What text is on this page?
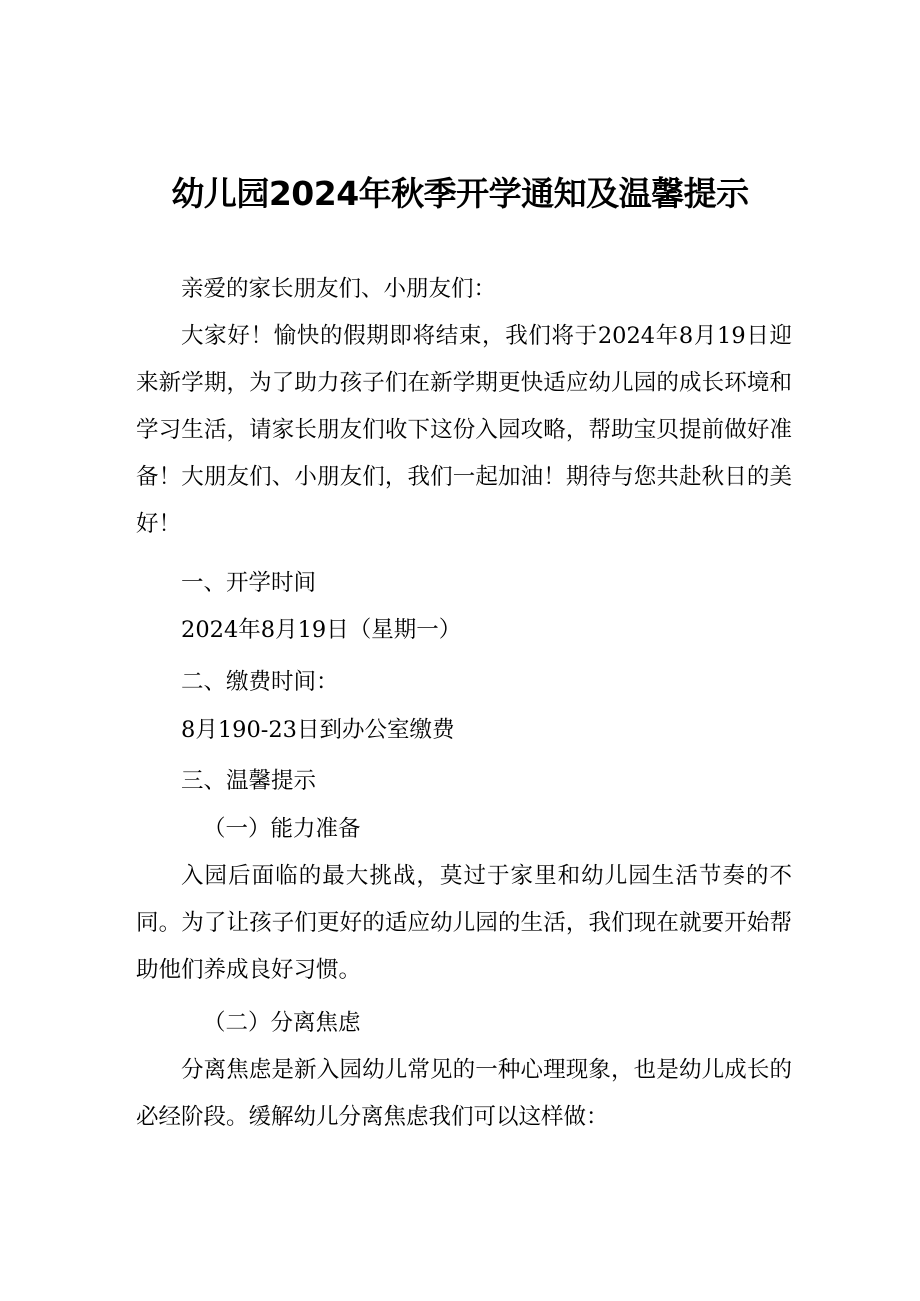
幼儿园2024年秋季开学通知及温馨提示

亲爱的家长朋友们、小朋友们：

大家好！愉快的假期即将结束，我们将于2024年8月19日迎来新学期，为了助力孩子们在新学期更快适应幼儿园的成长环境和学习生活，请家长朋友们收下这份入园攻略，帮助宝贝提前做好准备！大朋友们、小朋友们，我们一起加油！期待与您共赴秋日的美好！

一、开学时间

2024年8月19日（星期一）

二、缴费时间：

8月190-23日到办公室缴费

三、温馨提示

（一）能力准备

入园后面临的最大挑战，莫过于家里和幼儿园生活节奏的不同。为了让孩子们更好的适应幼儿园的生活，我们现在就要开始帮助他们养成良好习惯。

（二）分离焦虑

分离焦虑是新入园幼儿常见的一种心理现象，也是幼儿成长的必经阶段。缓解幼儿分离焦虑我们可以这样做：
